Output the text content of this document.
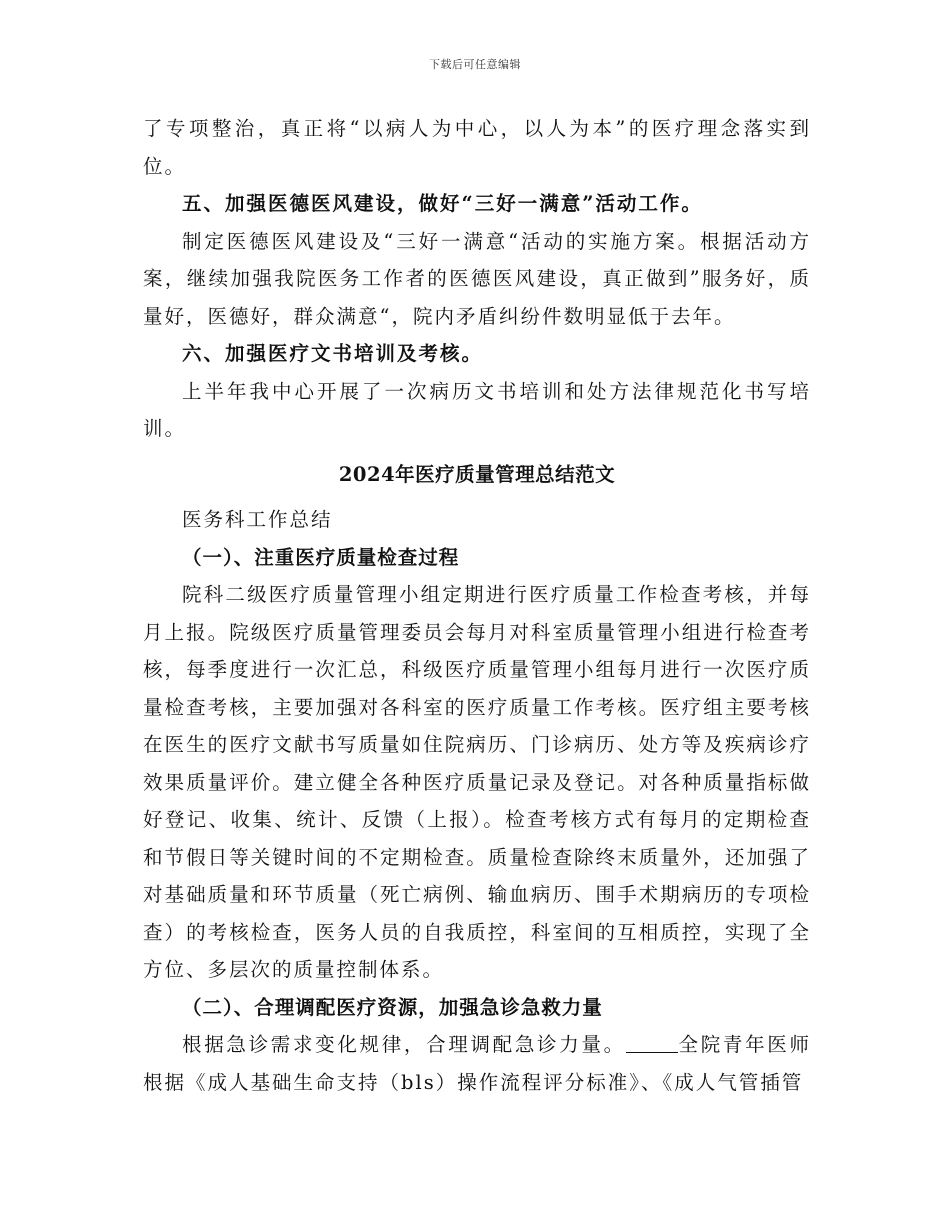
下载后可任意编辑

了专项整治，真正将“以病人为中心，以人为本”的医疗理念落实到位。

五、加强医德医风建设，做好“三好一满意”活动工作。

制定医德医风建设及“三好一满意“活动的实施方案。根据活动方案，继续加强我院医务工作者的医德医风建设，真正做到”服务好，质量好，医德好，群众满意“，院内矛盾纠纷件数明显低于去年。

六、加强医疗文书培训及考核。

上半年我中心开展了一次病历文书培训和处方法律规范化书写培训。

2024年医疗质量管理总结范文

医务科工作总结

（一）、注重医疗质量检查过程

院科二级医疗质量管理小组定期进行医疗质量工作检查考核，并每月上报。院级医疗质量管理委员会每月对科室质量管理小组进行检查考核，每季度进行一次汇总，科级医疗质量管理小组每月进行一次医疗质量检查考核，主要加强对各科室的医疗质量工作考核。医疗组主要考核在医生的医疗文献书写质量如住院病历、门诊病历、处方等及疾病诊疗效果质量评价。建立健全各种医疗质量记录及登记。对各种质量指标做好登记、收集、统计、反馈（上报）。检查考核方式有每月的定期检查和节假日等关键时间的不定期检查。质量检查除终末质量外，还加强了对基础质量和环节质量（死亡病例、输血病历、围手术期病历的专项检查）的考核检查，医务人员的自我质控，科室间的互相质控，实现了全方位、多层次的质量控制体系。

（二）、合理调配医疗资源，加强急诊急救力量

根据急诊需求变化规律，合理调配急诊力量。	全院青年医师根据《成人基础生命支持（bls）操作流程评分标准》、《成人气管插管
